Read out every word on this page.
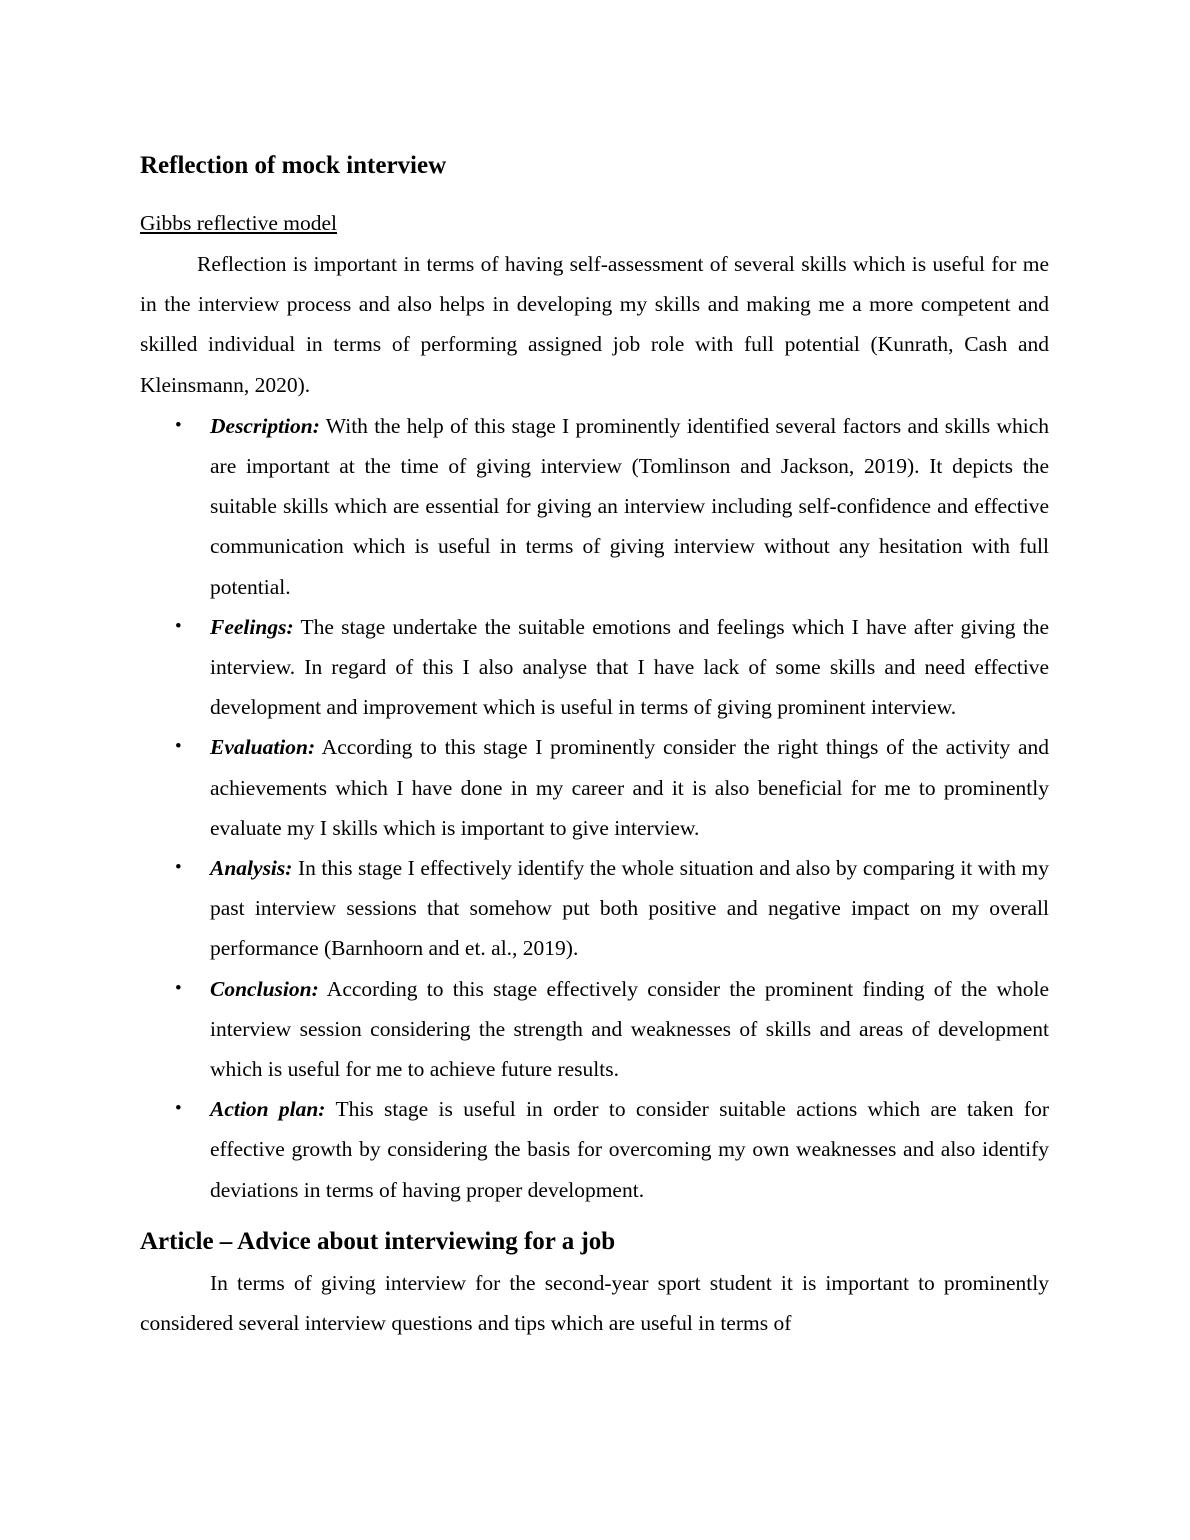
Reflection of mock interview
Gibbs reflective model

Reflection is important in terms of having self-assessment of several skills which is useful for me in the interview process and also helps in developing my skills and making me a more competent and skilled individual in terms of performing assigned job role with full potential (Kunrath, Cash and Kleinsmann, 2020).

• Description: With the help of this stage I prominently identified several factors and skills which are important at the time of giving interview (Tomlinson and Jackson, 2019). It depicts the suitable skills which are essential for giving an interview including self-confidence and effective communication which is useful in terms of giving interview without any hesitation with full potential.
• Feelings: The stage undertake the suitable emotions and feelings which I have after giving the interview. In regard of this I also analyse that I have lack of some skills and need effective development and improvement which is useful in terms of giving prominent interview.
• Evaluation: According to this stage I prominently consider the right things of the activity and achievements which I have done in my career and it is also beneficial for me to prominently evaluate my I skills which is important to give interview.
• Analysis: In this stage I effectively identify the whole situation and also by comparing it with my past interview sessions that somehow put both positive and negative impact on my overall performance (Barnhoorn and et. al., 2019).
• Conclusion: According to this stage effectively consider the prominent finding of the whole interview session considering the strength and weaknesses of skills and areas of development which is useful for me to achieve future results.
• Action plan: This stage is useful in order to consider suitable actions which are taken for effective growth by considering the basis for overcoming my own weaknesses and also identify deviations in terms of having proper development.
Article – Advice about interviewing for a job

In terms of giving interview for the second-year sport student it is important to prominently considered several interview questions and tips which are useful in terms of
